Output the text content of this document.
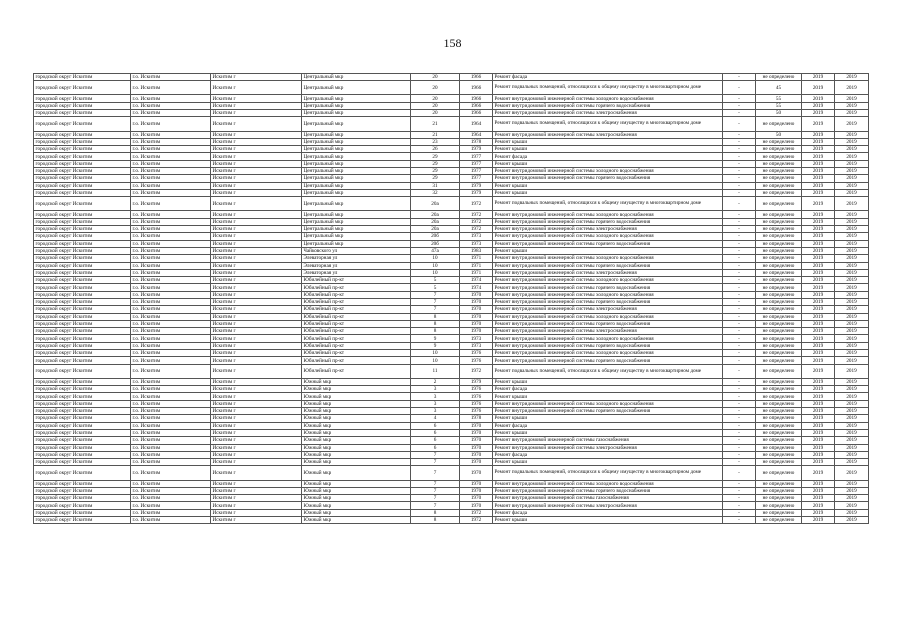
158
городской округ Искитим	г.о. Искитим	Искитим г	Центральный мкр	20	1966	Ремонт фасада	-	не определено	2019	2019
городской округ Искитим	г.о. Искитим	Искитим г	Центральный мкр	20	1966	Ремонт подвальных помещений, относящихся к общему имуществу в многоквартирном доме	-	45	2019	2019
городской округ Искитим	г.о. Искитим	Искитим г	Центральный мкр	20	1966	Ремонт внутридомовой инженерной системы холодного водоснабжения	-	55	2019	2019
городской округ Искитим	г.о. Искитим	Искитим г	Центральный мкр	20	1966	Ремонт внутридомовой инженерной системы горячего водоснабжения	-	55	2019	2019
городской округ Искитим	г.о. Искитим	Искитим г	Центральный мкр	20	1966	Ремонт внутридомовой инженерной системы электроснабжения	-	50	2019	2019
городской округ Искитим	г.о. Искитим	Искитим г	Центральный мкр	21	1964	Ремонт подвальных помещений, относящихся к общему имуществу в многоквартирном доме	-	не определено	2019	2019
городской округ Искитим	г.о. Искитим	Искитим г	Центральный мкр	21	1964	Ремонт внутридомовой инженерной системы электроснабжения	-	50	2019	2019
городской округ Искитим	г.о. Искитим	Искитим г	Центральный мкр	23	1978	Ремонт крыши	-	не определено	2019	2019
городской округ Искитим	г.о. Искитим	Искитим г	Центральный мкр	26	1979	Ремонт крыши	-	не определено	2019	2019
городской округ Искитим	г.о. Искитим	Искитим г	Центральный мкр	29	1977	Ремонт фасада	-	не определено	2019	2019
городской округ Искитим	г.о. Искитим	Искитим г	Центральный мкр	29	1977	Ремонт крыши	-	не определено	2019	2019
городской округ Искитим	г.о. Искитим	Искитим г	Центральный мкр	29	1977	Ремонт внутридомовой инженерной системы холодного водоснабжения	-	не определено	2019	2019
городской округ Искитим	г.о. Искитим	Искитим г	Центральный мкр	29	1977	Ремонт внутридомовой инженерной системы горячего водоснабжения	-	не определено	2019	2019
городской округ Искитим	г.о. Искитим	Искитим г	Центральный мкр	31	1979	Ремонт крыши	-	не определено	2019	2019
городской округ Искитим	г.о. Искитим	Искитим г	Центральный мкр	32	1979	Ремонт крыши	-	не определено	2019	2019
городской округ Искитим	г.о. Искитим	Искитим г	Центральный мкр	20а	1972	Ремонт подвальных помещений, относящихся к общему имуществу в многоквартирном доме	-	не определено	2019	2019
городской округ Искитим	г.о. Искитим	Искитим г	Центральный мкр	20а	1972	Ремонт внутридомовой инженерной системы холодного водоснабжения	-	не определено	2019	2019
городской округ Искитим	г.о. Искитим	Искитим г	Центральный мкр	20а	1972	Ремонт внутридомовой инженерной системы горячего водоснабжения	-	не определено	2019	2019
городской округ Искитим	г.о. Искитим	Искитим г	Центральный мкр	20а	1972	Ремонт внутридомовой инженерной системы электроснабжения	-	не определено	2019	2019
городской округ Искитим	г.о. Искитим	Искитим г	Центральный мкр	20б	1973	Ремонт внутридомовой инженерной системы холодного водоснабжения	-	не определено	2019	2019
городской округ Искитим	г.о. Искитим	Искитим г	Центральный мкр	20б	1973	Ремонт внутридомовой инженерной системы горячего водоснабжения	-	не определено	2019	2019
городской округ Искитим	г.о. Искитим	Искитим г	Чайковского ул	47а	1983	Ремонт крыши	-	не определено	2019	2019
городской округ Искитим	г.о. Искитим	Искитим г	Элеваторная ул	10	1971	Ремонт внутридомовой инженерной системы холодного водоснабжения	-	не определено	2019	2019
городской округ Искитим	г.о. Искитим	Искитим г	Элеваторная ул	10	1971	Ремонт внутридомовой инженерной системы горячего водоснабжения	-	не определено	2019	2019
городской округ Искитим	г.о. Искитим	Искитим г	Элеваторная ул	10	1971	Ремонт внутридомовой инженерной системы электроснабжения	-	не определено	2019	2019
городской округ Искитим	г.о. Искитим	Искитим г	Юбилейный пр-кт	5	1974	Ремонт внутридомовой инженерной системы холодного водоснабжения	-	не определено	2019	2019
городской округ Искитим	г.о. Искитим	Искитим г	Юбилейный пр-кт	5	1974	Ремонт внутридомовой инженерной системы горячего водоснабжения	-	не определено	2019	2019
городской округ Искитим	г.о. Искитим	Искитим г	Юбилейный пр-кт	7	1970	Ремонт внутридомовой инженерной системы холодного водоснабжения	-	не определено	2019	2019
городской округ Искитим	г.о. Искитим	Искитим г	Юбилейный пр-кт	7	1970	Ремонт внутридомовой инженерной системы горячего водоснабжения	-	не определено	2019	2019
городской округ Искитим	г.о. Искитим	Искитим г	Юбилейный пр-кт	7	1970	Ремонт внутридомовой инженерной системы электроснабжения	-	не определено	2019	2019
городской округ Искитим	г.о. Искитим	Искитим г	Юбилейный пр-кт	8	1970	Ремонт внутридомовой инженерной системы холодного водоснабжения	-	не определено	2019	2019
городской округ Искитим	г.о. Искитим	Искитим г	Юбилейный пр-кт	8	1970	Ремонт внутридомовой инженерной системы горячего водоснабжения	-	не определено	2019	2019
городской округ Искитим	г.о. Искитим	Искитим г	Юбилейный пр-кт	8	1970	Ремонт внутридомовой инженерной системы электроснабжения	-	не определено	2019	2019
городской округ Искитим	г.о. Искитим	Искитим г	Юбилейный пр-кт	9	1973	Ремонт внутридомовой инженерной системы холодного водоснабжения	-	не определено	2019	2019
городской округ Искитим	г.о. Искитим	Искитим г	Юбилейный пр-кт	9	1973	Ремонт внутридомовой инженерной системы горячего водоснабжения	-	не определено	2019	2019
городской округ Искитим	г.о. Искитим	Искитим г	Юбилейный пр-кт	10	1976	Ремонт внутридомовой инженерной системы холодного водоснабжения	-	не определено	2019	2019
городской округ Искитим	г.о. Искитим	Искитим г	Юбилейный пр-кт	10	1976	Ремонт внутридомовой инженерной системы горячего водоснабжения	-	не определено	2019	2019
городской округ Искитим	г.о. Искитим	Искитим г	Юбилейный пр-кт	11	1972	Ремонт подвальных помещений, относящихся к общему имуществу в многоквартирном доме	-	не определено	2019	2019
городской округ Искитим	г.о. Искитим	Искитим г	Южный мкр	2	1979	Ремонт крыши	-	не определено	2019	2019
городской округ Искитим	г.о. Искитим	Искитим г	Южный мкр	3	1976	Ремонт фасада	-	не определено	2019	2019
городской округ Искитим	г.о. Искитим	Искитим г	Южный мкр	3	1976	Ремонт крыши	-	не определено	2019	2019
городской округ Искитим	г.о. Искитим	Искитим г	Южный мкр	3	1976	Ремонт внутридомовой инженерной системы холодного водоснабжения	-	не определено	2019	2019
городской округ Искитим	г.о. Искитим	Искитим г	Южный мкр	3	1976	Ремонт внутридомовой инженерной системы горячего водоснабжения	-	не определено	2019	2019
городской округ Искитим	г.о. Искитим	Искитим г	Южный мкр	4	1978	Ремонт крыши	-	не определено	2019	2019
городской округ Искитим	г.о. Искитим	Искитим г	Южный мкр	6	1970	Ремонт фасада	-	не определено	2019	2019
городской округ Искитим	г.о. Искитим	Искитим г	Южный мкр	6	1970	Ремонт крыши	-	не определено	2019	2019
городской округ Искитим	г.о. Искитим	Искитим г	Южный мкр	6	1970	Ремонт внутридомовой инженерной системы газоснабжения	-	не определено	2019	2019
городской округ Искитим	г.о. Искитим	Искитим г	Южный мкр	6	1970	Ремонт внутридомовой инженерной системы электроснабжения	-	не определено	2019	2019
городской округ Искитим	г.о. Искитим	Искитим г	Южный мкр	7	1970	Ремонт фасада	-	не определено	2019	2019
городской округ Искитим	г.о. Искитим	Искитим г	Южный мкр	7	1970	Ремонт крыши	-	не определено	2019	2019
городской округ Искитим	г.о. Искитим	Искитим г	Южный мкр	7	1970	Ремонт подвальных помещений, относящихся к общему имуществу в многоквартирном доме	-	не определено	2019	2019
городской округ Искитим	г.о. Искитим	Искитим г	Южный мкр	7	1970	Ремонт внутридомовой инженерной системы холодного водоснабжения	-	не определено	2019	2019
городской округ Искитим	г.о. Искитим	Искитим г	Южный мкр	7	1970	Ремонт внутридомовой инженерной системы горячего водоснабжения	-	не определено	2019	2019
городской округ Искитим	г.о. Искитим	Искитим г	Южный мкр	7	1970	Ремонт внутридомовой инженерной системы газоснабжения	-	не определено	2019	2019
городской округ Искитим	г.о. Искитим	Искитим г	Южный мкр	7	1970	Ремонт внутридомовой инженерной системы электроснабжения	-	не определено	2019	2019
городской округ Искитим	г.о. Искитим	Искитим г	Южный мкр	8	1972	Ремонт фасада	-	не определено	2019	2019
городской округ Искитим	г.о. Искитим	Искитим г	Южный мкр	8	1972	Ремонт крыши	-	не определено	2019	2019
